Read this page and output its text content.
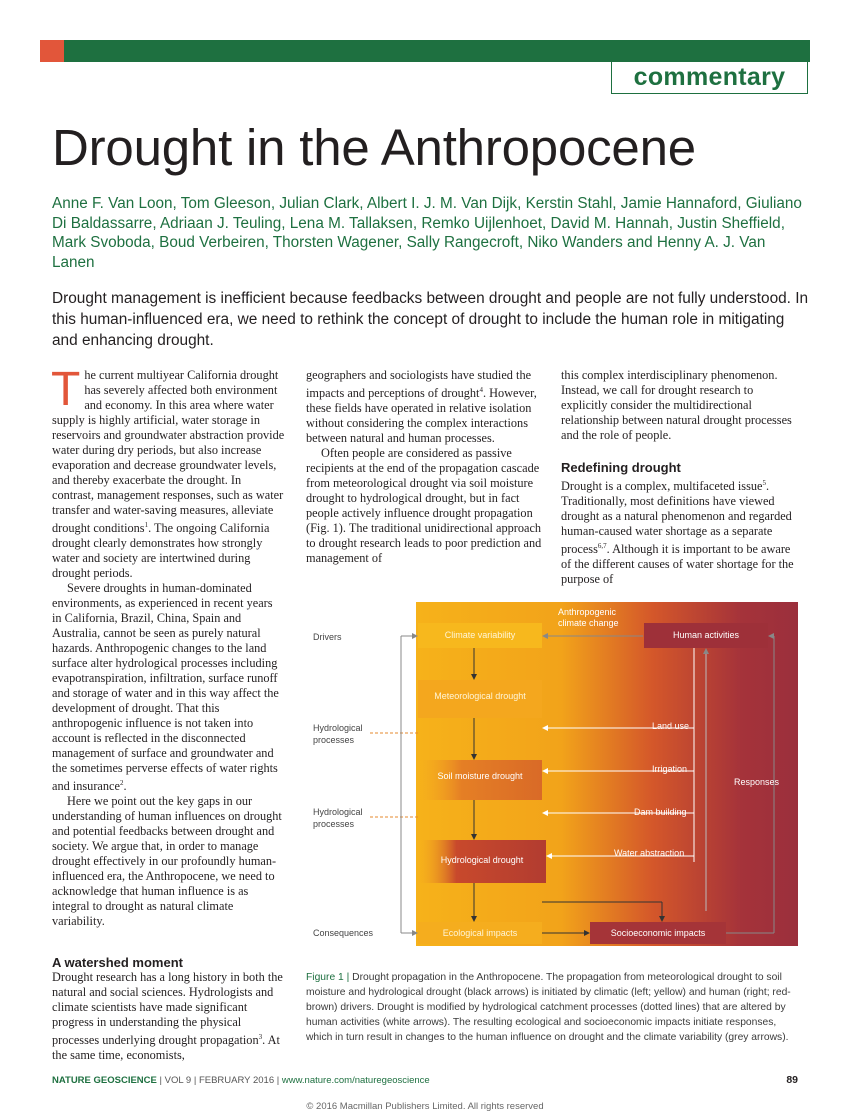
commentary
Drought in the Anthropocene
Anne F. Van Loon, Tom Gleeson, Julian Clark, Albert I. J. M. Van Dijk, Kerstin Stahl, Jamie Hannaford, Giuliano Di Baldassarre, Adriaan J. Teuling, Lena M. Tallaksen, Remko Uijlenhoet, David M. Hannah, Justin Sheffield, Mark Svoboda, Boud Verbeiren, Thorsten Wagener, Sally Rangecroft, Niko Wanders and Henny A. J. Van Lanen
Drought management is inefficient because feedbacks between drought and people are not fully understood. In this human-influenced era, we need to rethink the concept of drought to include the human role in mitigating and enhancing drought.

The current multiyear California drought has severely affected both environment and economy. In this area where water supply is highly artificial, water storage in reservoirs and groundwater abstraction provide water during dry periods, but also increase evaporation and decrease groundwater levels, and thereby exacerbate the drought. In contrast, management responses, such as water transfer and water-saving measures, alleviate drought conditions$^1$. The ongoing California drought clearly demonstrates how strongly water and society are intertwined during drought periods.

Severe droughts in human-dominated environments, as experienced in recent years in California, Brazil, China, Spain and Australia, cannot be seen as purely natural hazards. Anthropogenic changes to the land surface alter hydrological processes including evapotranspiration, infiltration, surface runoff and storage of water and in this way affect the development of drought. That this anthropogenic influence is not taken into account is reflected in the disconnected management of surface and groundwater and the sometimes perverse effects of water rights and insurance$^2$.

Here we point out the key gaps in our understanding of human influences on drought and potential feedbacks between drought and society. We argue that, in order to manage drought effectively in our profoundly human-influenced era, the Anthropocene, we need to acknowledge that human influence is as integral to drought as natural climate variability.

A watershed moment

Drought research has a long history in both the natural and social sciences. Hydrologists and climate scientists have made significant progress in understanding the physical processes underlying drought propagation$^3$. At the same time, economists,

geographers and sociologists have studied the impacts and perceptions of drought$^4$. However, these fields have operated in relative isolation without considering the complex interactions between natural and human processes.

Often people are considered as passive recipients at the end of the propagation cascade from meteorological drought via soil moisture drought to hydrological drought, but in fact people actively influence drought propagation (Fig. 1). The traditional unidirectional approach to drought research leads to poor prediction and management of

this complex interdisciplinary phenomenon. Instead, we call for drought research to explicitly consider the multidirectional relationship between natural drought processes and the role of people.

Redefining drought

Drought is a complex, multifaceted issue$^5$. Traditionally, most definitions have viewed drought as a natural phenomenon and regarded human-caused water shortage as a separate process$^{6,7}$. Although it is important to be aware of the different causes of water shortage for the purpose of

Drivers
Hydrological processes
Hydrological processes
Consequences
Climate variability
Meteorological drought
Soil moisture drought
Hydrological drought
Ecological impacts	Socioeconomic impacts
Human activities
Anthropogenic climate change
Land use
Irrigation
Dam building
Water abstraction
Responses
Figure 1 | Drought propagation in the Anthropocene. The propagation from meteorological drought to soil moisture and hydrological drought (black arrows) is initiated by climatic (left; yellow) and human (right; red-brown) drivers. Drought is modified by hydrological catchment processes (dotted lines) that are altered by human activities (white arrows). The resulting ecological and socioeconomic impacts initiate responses, which in turn result in changes to the human influence on drought and the climate variability (grey arrows).
NATURE GEOSCIENCE | VOL 9 | FEBRUARY 2016 | www.nature.com/naturegeoscience	89
© 2016 Macmillan Publishers Limited. All rights reserved
